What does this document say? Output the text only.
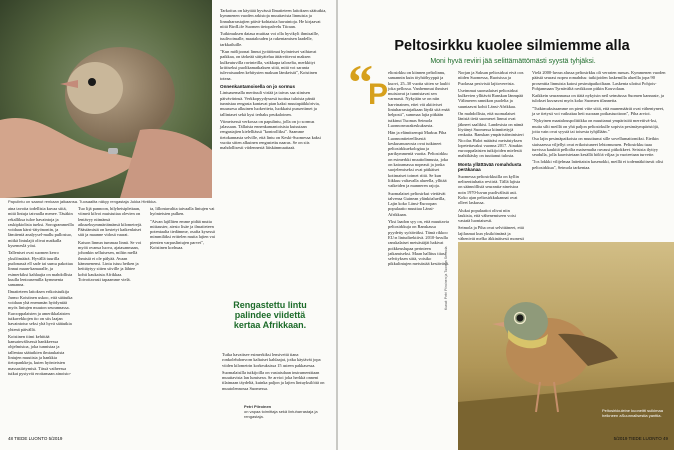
Papulintu on saanut renkaan jalkaansa. Tuosaallta näkyy rengastaja Jukka Hintikka.

aina tavoita todellisia kuvaa siitä, mitä lintuja tatvaalla menee. Täsäkin rekalliksa tuloe havaintoja ja raskipkiolista tueksi. Sorogrammeilla voidaan kärsi-tätyönontin, ja lämitentä analyysel-mallu pullostuo, mitkä lintulajit olivat matkalla kysemeslä yöai.

Talleniset ovat suomen kerro yksilömäärä. Hyvällä tuurilla pudonassä ell sade tai sumu pakottaa linnut maan-kamaralle, ja esimerkiksi kahlaajia on mahdollista kuulla lentoasemilla kymmenia samanna.

Ilmatieteen laitoksen erikoistutkija Jarmo Koistinen uskoo, että säätutka voidaan yhä enemmän hyödyntää myös lintujen muuton seurannassa. Eurooppalaisten ja amerikkalaisten tutkavekkojen ito on siis laajan havaintotur seksi yhä hyvä säätutkia yhtenä päivällä.

Koistinen tiimi kehittää kansainvälisessä hankkeessa ohjelmistoa, joka tunnistaa ja tallentaa säätutkien ilmtaukaista lintujen muutista ja hankkia tietopankkeja, kuten hyönteisten massasiirtymisä. Tässä vaiheessa tutkat pystyvät erottamaan ainoisto-

Tarkoitus on käyttää hyvässä Ilmatieteen laitoksen säätutkia, kymmenen vuoden arkistoja muuttavista linnuista ja linnuharrastajien päivä-kohtaisia havaintoja. He kirjaavat niitä BirdLife Suomen tietopalvelu Tiiraan.

Tutkimuksen datasa muittaa voi olla hyvikyli ihmisaille, tuulivoimalle, maatalouden ja rakentamisen laadelle, tarkkailuille.

"Kun mölijoonat linnut jyrätöimat hyönteiset vaihtavat paikkaa, on tärkeää sättyätelua ättärvittevat maksen kulkeutuvilla ravinteilla, vaikkapa taloselta, merkkityt kriitiseksi puolikamatkaksen siitä, mitä voi saranta tulevaisuuden kehitysten maksan lämkeisät", Koistinen toteaa.

Onnenkantamoisella on jo sormus

Lintuasemalla merituuli viriää ja taivas saa siinisen päivävärinsä. Verkkopyydyssesä tuottua tuloista päntä tunnistaa rengasta kantavat pian kaksi muutapäikkörivia, muussesa alkuinen luokeriteta, luokkaist pussertimet ja tallintaset sekä kysi terhaks peukaloinen.

Viimeisessä verkossa on papulintu, jolla on jo sormus jalassaan. Tällaista ennenkamantoisista kutsutaan rengastajien kielelliässä "kontrolliksi". Saamme tietokannasta selville, että lintu on Keski-Suomessa kaksi vuotta sitten alkuinen rengastettu naaras. Se on siis mahdollisesti viidennestä läiskänmuuttaaä.

Tuo lijä pannoon, hilyheisiplettaan, viimeä kilvoi muistuttaa olevien on lentävyy niimänsä aikuseksymmärtämänsä kilometrejä. Päästämistä on kestetyt kaikenlaiset säit ja maanne vidosä vaarat.

Katson linnun tummaa linnä. Se voi myöä ovansa luova, ajatasanmaan, johonkin selluisesen, miltin mellä ihmisiä ei ole pälyää. Avaan kämmenensi. Lintu istuu hetken ja heittäytyy sitten siiville ja lähtee kohti kaukaista Afrikkaa. Toivottavasti tapaamme vielä.

ta, lillontavaltta taivaalla lintujen vai hyönteisien pulken.

"Aivan lajilliten emme pidää mutta mittauster, aiesto lisäe ja ilmatieteen potentaalia tiedämme, osafta kysessä mimmiläksi erittelen mutta lajien vai pienten varpuslintujen parvet", Koistinen korhuaa.

Rengastettu lintu palindee viidettä kertaa Afrikkaan.

Tutka havaitsee esimerkiksi lensiveitä tiana ronkolehdonvorn kaltaiset kahlaajat, jotka käytävät jopa viiden kilometrin korkeuksissa 15 asteen pakkasessa.

Suomalaisilla tutkijoilla on vastaisdaan instrumenttiaan muuttavista lan lumisesn. Se arvioi joka herkkä onneni tilaimaan täydeltä, kuinka paljon ja lajien lintuyksilöitä on muutolennossa Suomessa.

Petri Piiroinen
on vapaa toimittaja sekä lintuharrastaja ja rengastaja.
48 TIEDE LUONTO 5/2019
Peltosirkku kuolee silmiemme alla
Moni hyvä reviiri jää selittämättömästi syystä tyhjäksi.
“
P

eltosirkku on kiinnen peltolinnu, samannin kuin töyhtöhyyppä ja kuovi, 25–30 vuotta sitten se laulöi joka pellossa. Vanhemmat ihmiset muistavat ja tunnistavat sen varmasti. Nykyään se on niin harvinainen, ettei vät aktiiviset lintuharrastajatkaan läydä sitä enää helposti", summaa lajia pitkään tutkinut Tuomas Seimola Luonnonvarakeskuksesta.

Hän ja elämitsempä Markus Piha Luonnontieteellisestä keskusmuseosta ovat tutkineet peltosirkkuekologiaa ja parikymmentä vuotta. Peltosirkku on esimerkki muuttolinnusta, joka on katoamassa nopeasti ja jonka suojelemiseksi ovat pätkäiset kotimaiset toimet riitä. Se kun liikkuu valtavalla alueella, yllttää vaikeiden ja manneren rajoja.

Suomalaiset peltosirkut viettävät talvensa Guinean ylänköalueilla, Lajin koko Länsi-Euroopan populaatio muuttaa Länsi-Afrikkaan.

Yksi laadon syy on, että muuttavia peltosirkkuja on Ranskassa pyydetty syötäväksi. Tämä rikkoo EU:n lintudirektiivä. 2010-luvulla ranskalaiset metsästäjät hakivat poikkeuslupaa perinteen jatkamiseksi. Maan hallitus tiiasi selvityksen siitä, voisiko pikkulintujen metsästää kestävästi.

Norjan ja Saksan peltosirkut eivä oos niiden Suomessa, Ruotsissa ja Puolassa pesivistä lajitovereista.

Useimmat suomalaiset peltosirkut kulkevien yllttävät Ranskan länmpää Välimeren rannikon puolelta ja suuntaavat kohti Länsi-Afrikkaa.

On mahdollista, että suomalaiset länistä tietä suomeset linnut ovat jäkneet saalikisi. Landesista on nämä löytänyt Suomessa kiinnitettyjä renkaita. Ranskan ympäristöministeri Nicolas Hulot määräsi metsästyksen lopetettavaksi vuonna 2017. Ainakin eurooppalaisten tutkijoiden mielestä mahtikäsky on tuuttanut tulosta.

Monta yllättävää romahdusta peräkanaa

Suomessa peltosirkkuilla on kyllin nelisenttuhatta reviiriä. Tällä lajista on säännöllistä seurantia-aineistoa noin 1970-luvun puolivälistä asti. Koko ajan peltosirkkukannat ovat olleet laskussa.

Alukai populaatiot olivat niin laukisia, että vähenemiseen voisi vastatä luontaisesti.

Seimola ja Piha ovat selvittäneet, että lajilasmat kun yksiköimänä ja vähenivät melko äkkinäisesti monesti

Vielä 2000-luvun alussa peltosirkku oli verraten runsas. Kymmenen vuoden päästä seurasi nopea romahdus: tutkijoiden laskemilla alueilla jopa 90 prosenttia linnuista katosi pesimäpaikoiltaan. Laskenta ulottui Pohjois-Pohjanmaan Tyrnävältä ravikkoon pitkin Kouvolaan.

Kaikkein seurannassa on tiätä nykyisin neil setmässsa Suomen kannaste, ja tulokset kuvaavat myös koko Suomen tilannetta.

"Tutkimuksissamme on pieni viite siitä, että munemäärät ovat vähentyneet, ja se tietysti voi vaikuttaa heti suoraan poikastuottoon", Piha arvioi.

"Nykyinen maatalouspolitiikka on muuttanut ympäristöä meretiivä-ksi, mutta silti meillä on yhä paljon peltosirkulle sopivia pesimäympäristöjä, joita vain ovat syystä tai toisesta tyhjillään."

Osa lajin pesimäpaikoista on muuttunut sille sovellumattomiksi. Eteikin siaissaessa viljellyt ovat erikoistuneet lehtomuruen. Peltosirkku tuaa turvissa kaukitä pelloilta maisemalta ruvausi pitkokkeet. Seisista ilyttyy seudulla, jolla kaavistetaan kesällä hölöä viljaa ja vuoteetaan turvette.

"Jos lokkki vilijelmaa lattettaisin kasenokki, meillä ei todennäköisesti olisi peltosirkkua", Seimola tarkentaa.

Peltosirkkuleine kuoneitti sulkimaa heikneen aSuunnallsestia yanttia.
Kuvat: Petri Piiroinen ja Tuomas Seimola
5/2019 TIEDE LUONTO 49
